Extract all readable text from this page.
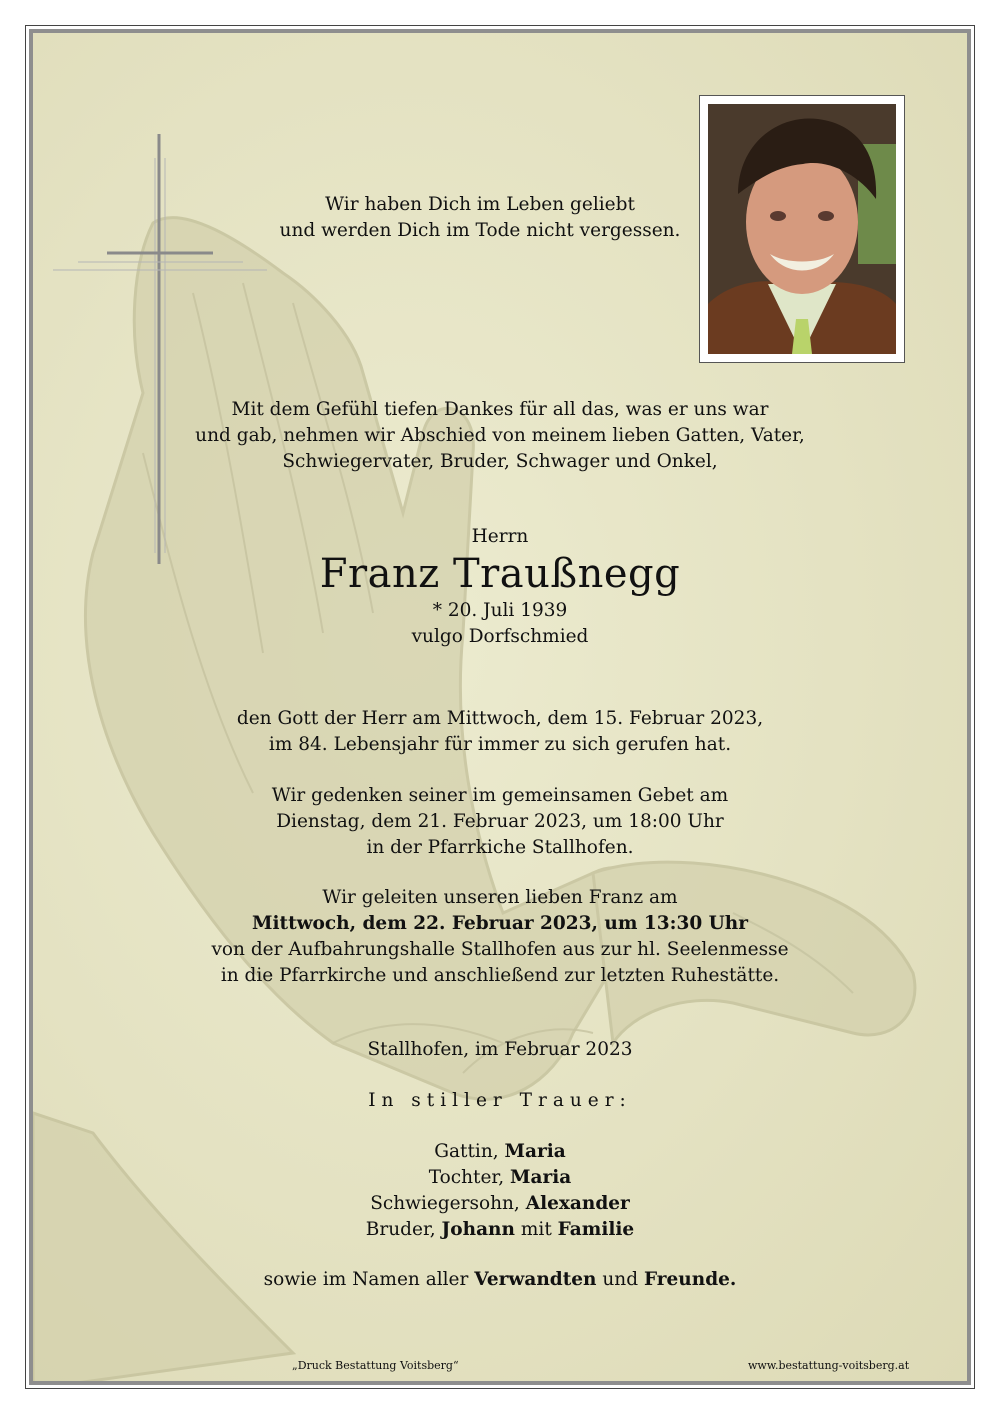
Wir haben Dich im Leben geliebt
und werden Dich im Tode nicht vergessen.
Mit dem Gefühl tiefen Dankes für all das, was er uns war
und gab, nehmen wir Abschied von meinem lieben Gatten, Vater,
Schwiegervater, Bruder, Schwager und Onkel,
Herrn
Franz Traußnegg
* 20. Juli 1939
vulgo Dorfschmied
den Gott der Herr am Mittwoch, dem 15. Februar 2023,
im 84. Lebensjahr für immer zu sich gerufen hat.
Wir gedenken seiner im gemeinsamen Gebet am
Dienstag, dem 21. Februar 2023, um 18:00 Uhr
in der Pfarrkiche Stallhofen.
Wir geleiten unseren lieben Franz am
Mittwoch, dem 22. Februar 2023, um 13:30 Uhr
von der Aufbahrungshalle Stallhofen aus zur hl. Seelenmesse
in die Pfarrkirche und anschließend zur letzten Ruhestätte.
Stallhofen, im Februar 2023
In stiller Trauer:
Gattin, Maria
Tochter, Maria
Schwiegersohn, Alexander
Bruder, Johann mit Familie
sowie im Namen aller Verwandten und Freunde.
„Druck Bestattung Voitsberg“	www.bestattung-voitsberg.at
